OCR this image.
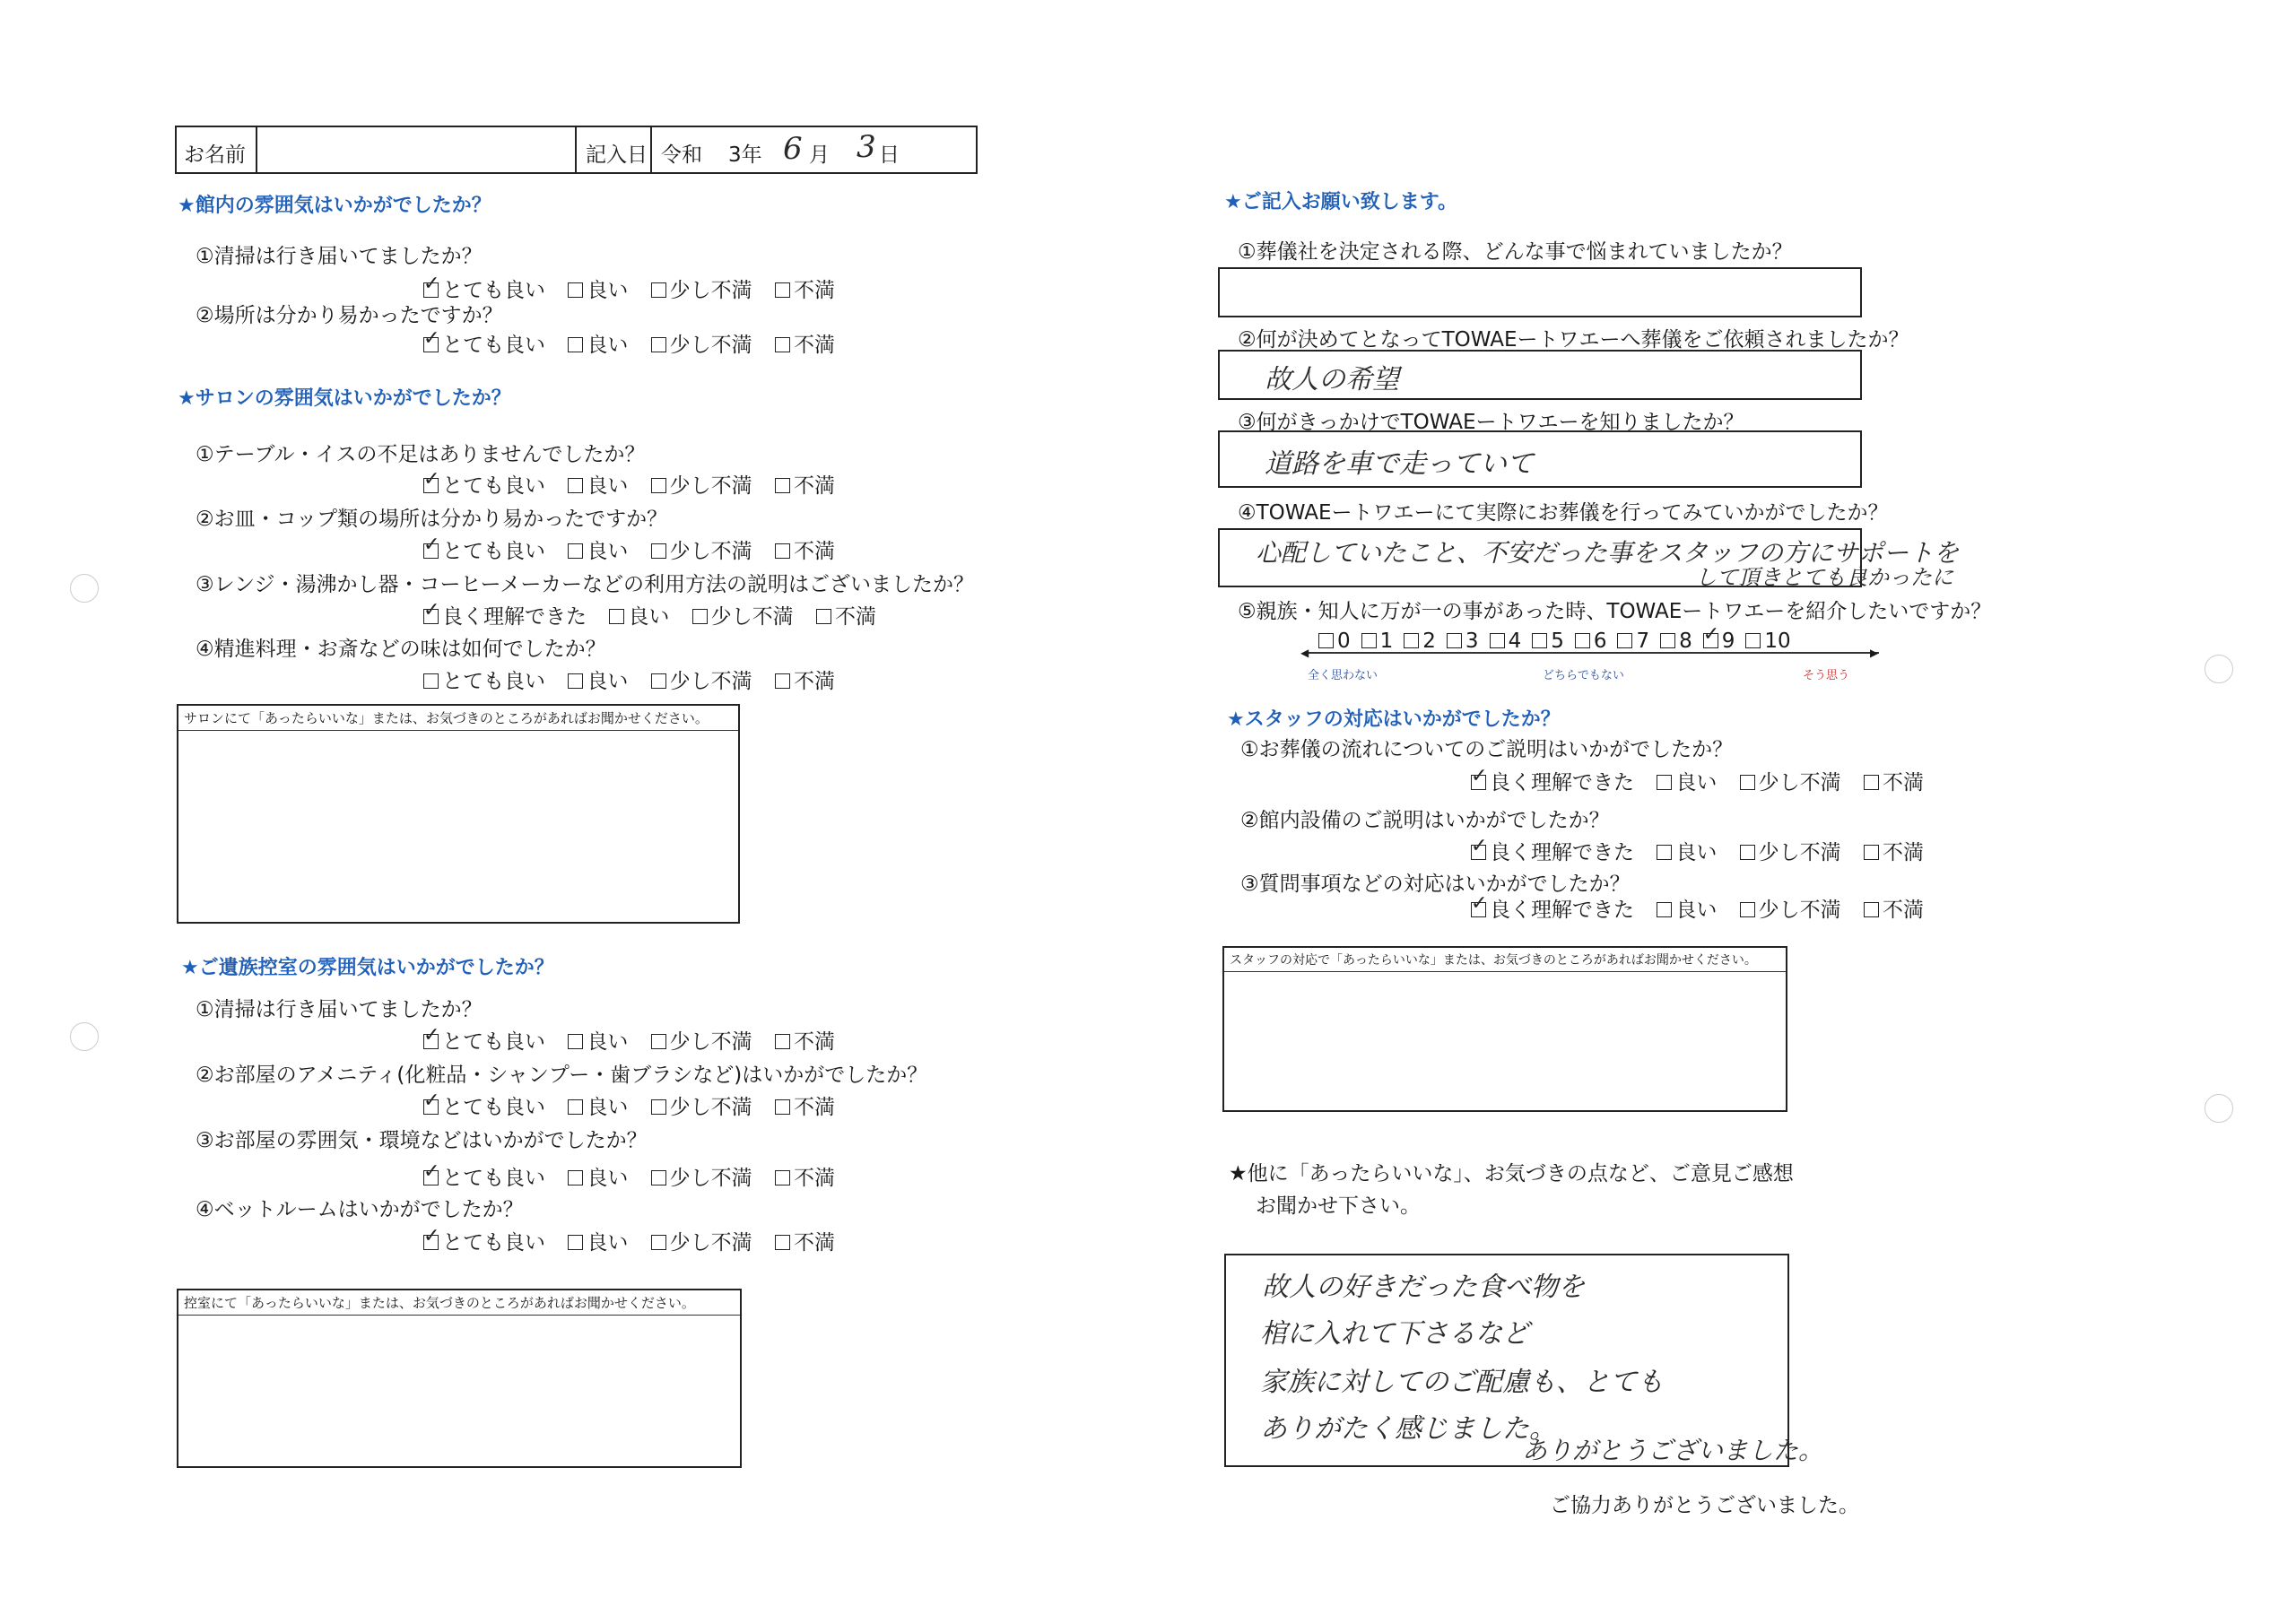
お名前	記入日 令和 3年 6 月 3 日
★館内の雰囲気はいかがでしたか？
①清掃は行き届いてましたか？
✓とても良い 良い 少し不満 不満
②場所は分かり易かったですか？
✓とても良い 良い 少し不満 不満
★サロンの雰囲気はいかがでしたか？
①テーブル・イスの不足はありませんでしたか？
✓とても良い 良い 少し不満 不満
②お皿・コップ類の場所は分かり易かったですか？
✓とても良い 良い 少し不満 不満
③レンジ・湯沸かし器・コーヒーメーカーなどの利用方法の説明はございましたか？
✓良く理解できた 良い 少し不満 不満
④精進料理・お斎などの味は如何でしたか？
とても良い 良い 少し不満 不満
サロンにて「あったらいいな」または、お気づきのところがあればお聞かせください。
★ご遺族控室の雰囲気はいかがでしたか？
①清掃は行き届いてましたか？
✓とても良い 良い 少し不満 不満
②お部屋のアメニティ(化粧品・シャンプー・歯ブラシなど)はいかがでしたか？
✓とても良い 良い 少し不満 不満
③お部屋の雰囲気・環境などはいかがでしたか？
✓とても良い 良い 少し不満 不満
④ベットルームはいかがでしたか？
✓とても良い 良い 少し不満 不満
控室にて「あったらいいな」または、お気づきのところがあればお聞かせください。
★ご記入お願い致します。
①葬儀社を決定される際、どんな事で悩まれていましたか？
②何が決めてとなってTOWAEートワエーへ葬儀をご依頼されましたか？
故人の希望
③何がきっかけでTOWAEートワエーを知りましたか？
道路を車で走っていて
④TOWAEートワエーにて実際にお葬儀を行ってみていかがでしたか？
心配していたこと、不安だった事をスタッフの方にサポートを
して頂きとても良かったに
⑤親族・知人に万が一の事があった時、TOWAEートワエーを紹介したいですか？
◀	▶
0 1 2 3 4 5 6 7 8✓ 9 10
全く思わない	どちらでもない	そう思う
★スタッフの対応はいかがでしたか？
①お葬儀の流れについてのご説明はいかがでしたか？
✓良く理解できた 良い 少し不満 不満
②館内設備のご説明はいかがでしたか？
✓良く理解できた 良い 少し不満 不満
③質問事項などの対応はいかがでしたか？
✓良く理解できた 良い 少し不満 不満
スタッフの対応で「あったらいいな」または、お気づきのところがあればお聞かせください。
★他に「あったらいいな」、お気づきの点など、ご意見ご感想
お聞かせ下さい。
故人の好きだった食べ物を
棺に入れて下さるなど
家族に対してのご配慮も、とても
ありがたく感じました。
ありがとうございました。
ご協力ありがとうございました。
